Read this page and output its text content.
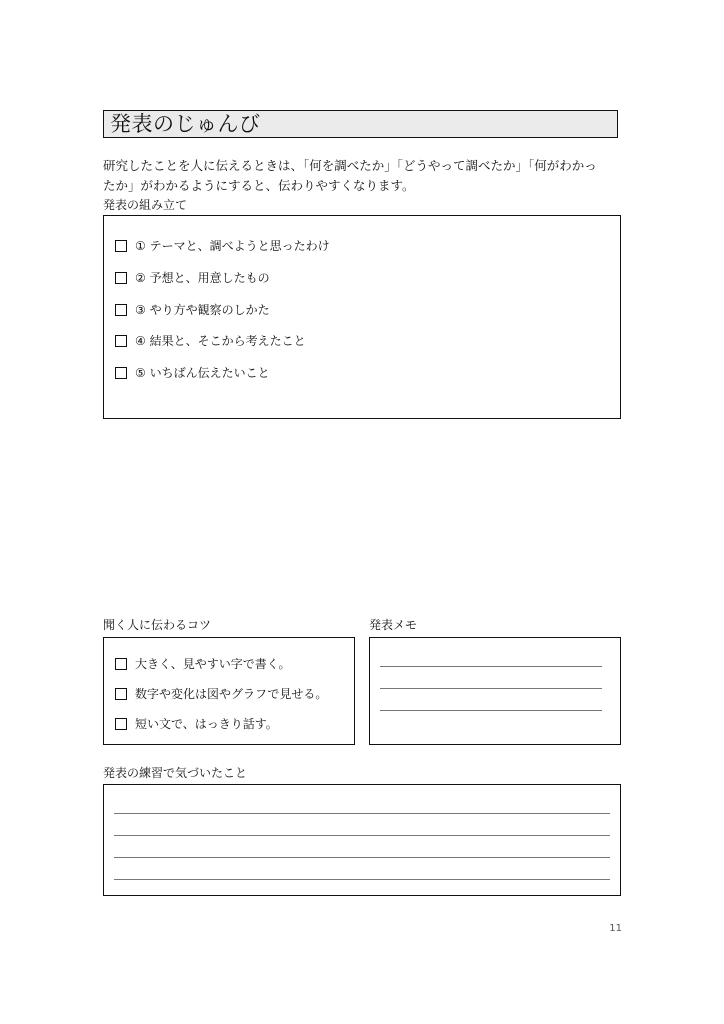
発表のじゅんび
研究したことを人に伝えるときは、「何を調べたか」「どうやって調べたか」「何がわかっ
たか」がわかるようにすると、伝わりやすくなります。
発表の組み立て
① テーマと、調べようと思ったわけ
② 予想と、用意したもの
③ やり方や観察のしかた
④ 結果と、そこから考えたこと
⑤ いちばん伝えたいこと
聞く人に伝わるコツ
大きく、見やすい字で書く。
数字や変化は図やグラフで見せる。
短い文で、はっきり話す。
発表メモ
発表の練習で気づいたこと
11
